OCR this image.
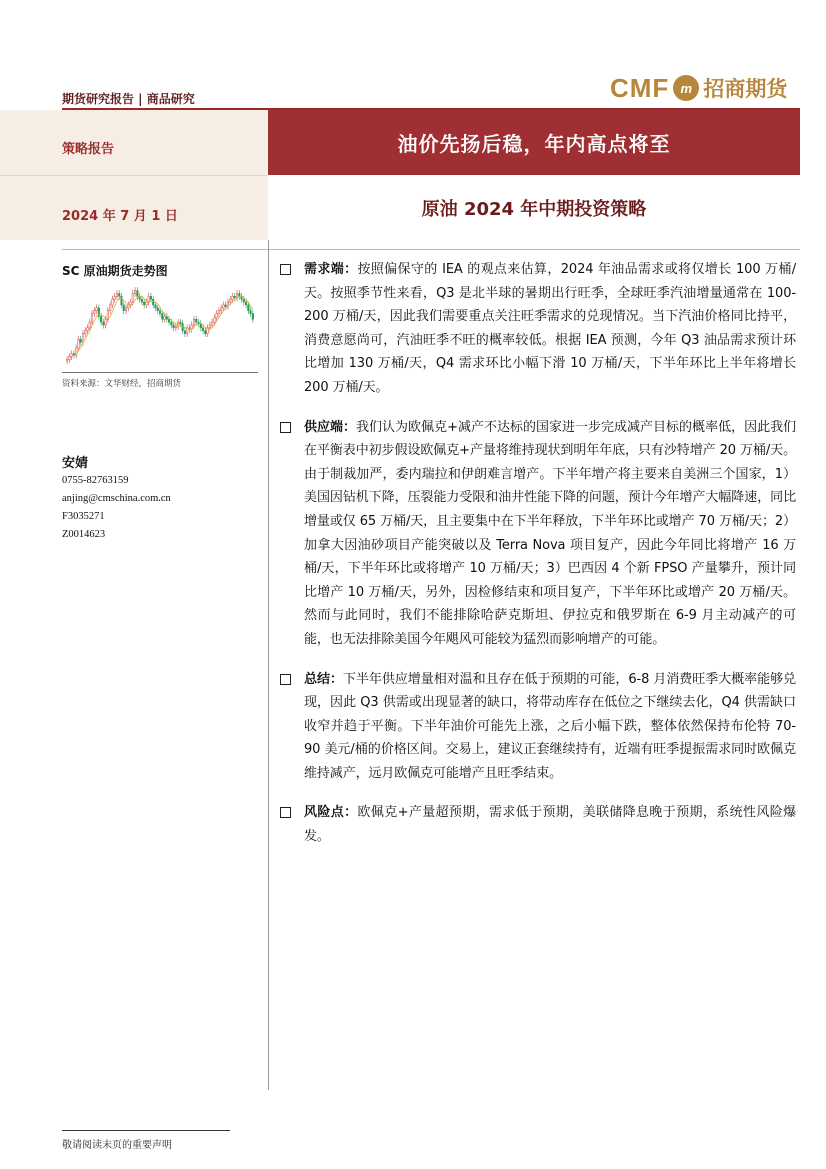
期货研究报告 | 商品研究	CMF m 招商期货
策略报告
2024 年 7 月 1 日
油价先扬后稳，年内高点将至
原油 2024 年中期投资策略
SC 原油期货走势图
资料来源：文华财经，招商期货
安婧
0755-82763159
anjing@cmschina.com.cn
F3035271
Z0014623
需求端：按照偏保守的 IEA 的观点来估算，2024 年油品需求或将仅增长 100 万桶/天。按照季节性来看，Q3 是北半球的暑期出行旺季，全球旺季汽油增量通常在 100-200 万桶/天，因此我们需要重点关注旺季需求的兑现情况。当下汽油价格同比持平，消费意愿尚可，汽油旺季不旺的概率较低。根据 IEA 预测，今年 Q3 油品需求预计环比增加 130 万桶/天，Q4 需求环比小幅下滑 10 万桶/天，下半年环比上半年将增长 200 万桶/天。
供应端：我们认为欧佩克+减产不达标的国家进一步完成减产目标的概率低，因此我们在平衡表中初步假设欧佩克+产量将维持现状到明年年底，只有沙特增产 20 万桶/天。由于制裁加严，委内瑞拉和伊朗难言增产。下半年增产将主要来自美洲三个国家，1）美国因钻机下降，压裂能力受限和油井性能下降的问题，预计今年增产大幅降速，同比增量或仅 65 万桶/天，且主要集中在下半年释放，下半年环比或增产 70 万桶/天；2）加拿大因油砂项目产能突破以及 Terra Nova 项目复产，因此今年同比将增产 16 万桶/天，下半年环比或将增产 10 万桶/天；3）巴西因 4 个新 FPSO 产量攀升，预计同比增产 10 万桶/天，另外，因检修结束和项目复产，下半年环比或增产 20 万桶/天。然而与此同时，我们不能排除哈萨克斯坦、伊拉克和俄罗斯在 6-9 月主动减产的可能，也无法排除美国今年飓风可能较为猛烈而影响增产的可能。
总结：下半年供应增量相对温和且存在低于预期的可能，6-8 月消费旺季大概率能够兑现，因此 Q3 供需或出现显著的缺口，将带动库存在低位之下继续去化，Q4 供需缺口收窄并趋于平衡。下半年油价可能先上涨，之后小幅下跌，整体依然保持布伦特 70-90 美元/桶的价格区间。交易上，建议正套继续持有，近端有旺季提振需求同时欧佩克维持减产，远月欧佩克可能增产且旺季结束。
风险点：欧佩克+产量超预期，需求低于预期，美联储降息晚于预期，系统性风险爆发。
敬请阅读末页的重要声明
